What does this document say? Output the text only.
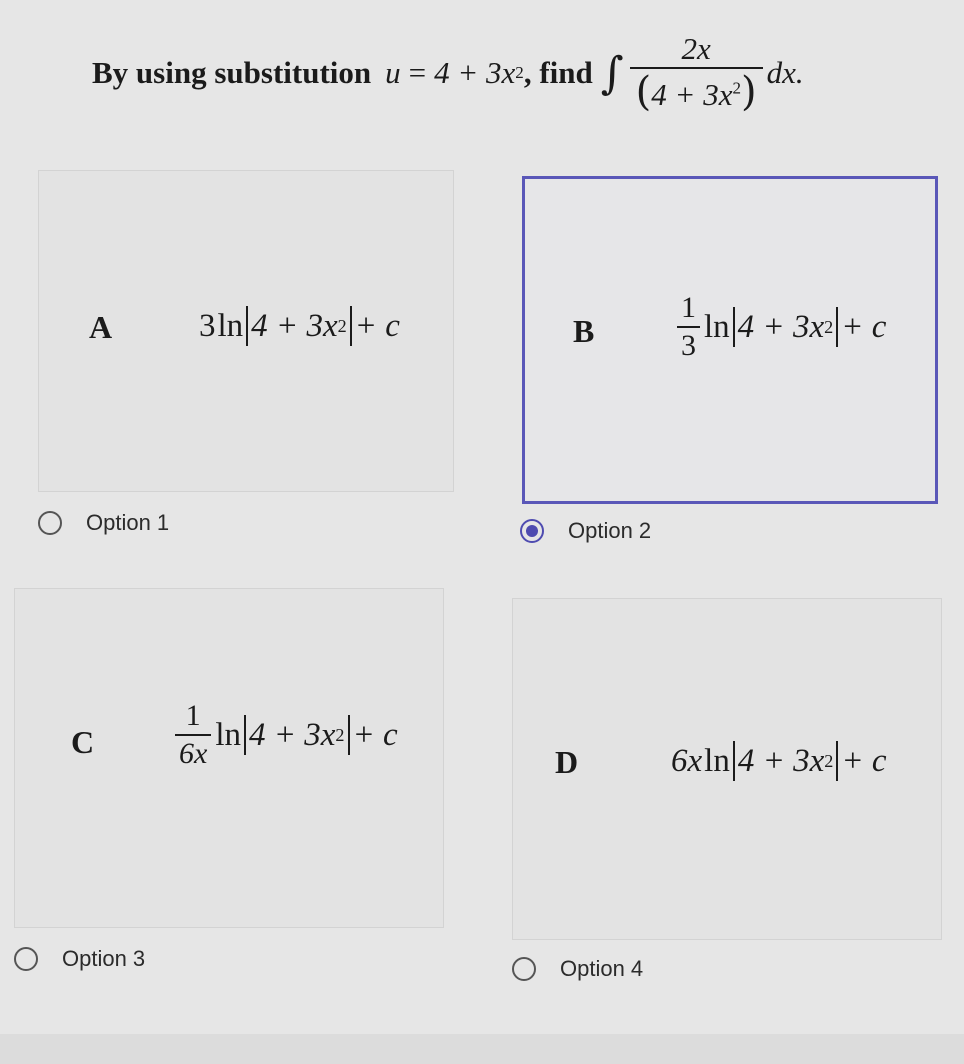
By using substitution u = 4 + 3x 2 , find ∫ $\frac{2x}{(4 + 3x^2)}$ dx.
A	3 ln 4 + 3x 2 + c
Option 1
B	$\frac{1}{3}$ ln 4 + 3x 2 + c
Option 2
C	$\frac{1}{6x}$ ln 4 + 3x 2 + c
Option 3
D	6x ln 4 + 3x 2 + c
Option 4
